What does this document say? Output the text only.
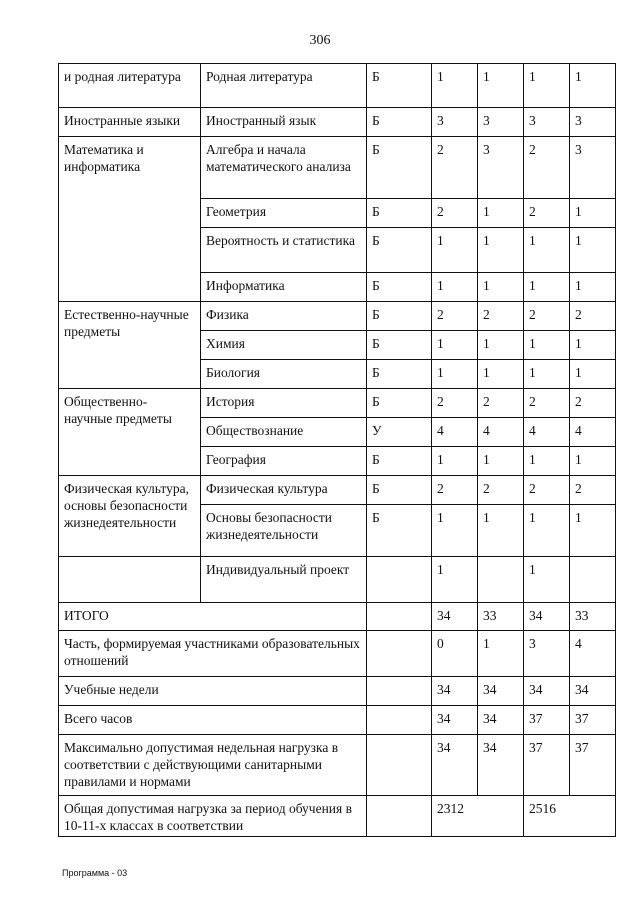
306
и родная литература	Родная литература	Б	1	1	1	1
Иностранные языки	Иностранный язык	Б	3	3	3	3
Математика и информатика	Алгебра и начала математического анализа	Б	2	3	2	3
	Геометрия	Б	2	1	2	1
	Вероятность и статистика	Б	1	1	1	1
	Информатика	Б	1	1	1	1
Естественно-научные предметы	Физика	Б	2	2	2	2
	Химия	Б	1	1	1	1
	Биология	Б	1	1	1	1
Общественно-научные предметы	История	Б	2	2	2	2
	Обществознание	У	4	4	4	4
	География	Б	1	1	1	1
Физическая культура, основы безопасности жизнедеятельности	Физическая культура	Б	2	2	2	2
	Основы безопасности жизнедеятельности	Б	1	1	1	1
	Индивидуальный проект		1		1	
ИТОГО			34	33	34	33
Часть, формируемая участниками образовательных отношений			0	1	3	4
Учебные недели			34	34	34	34
Всего часов			34	34	37	37
Максимально допустимая недельная нагрузка в соответствии с действующими санитарными правилами и нормами			34	34	37	37
Общая допустимая нагрузка за период обучения в 10-11-х классах в соответствии			2312		2516	
Программа - 03
